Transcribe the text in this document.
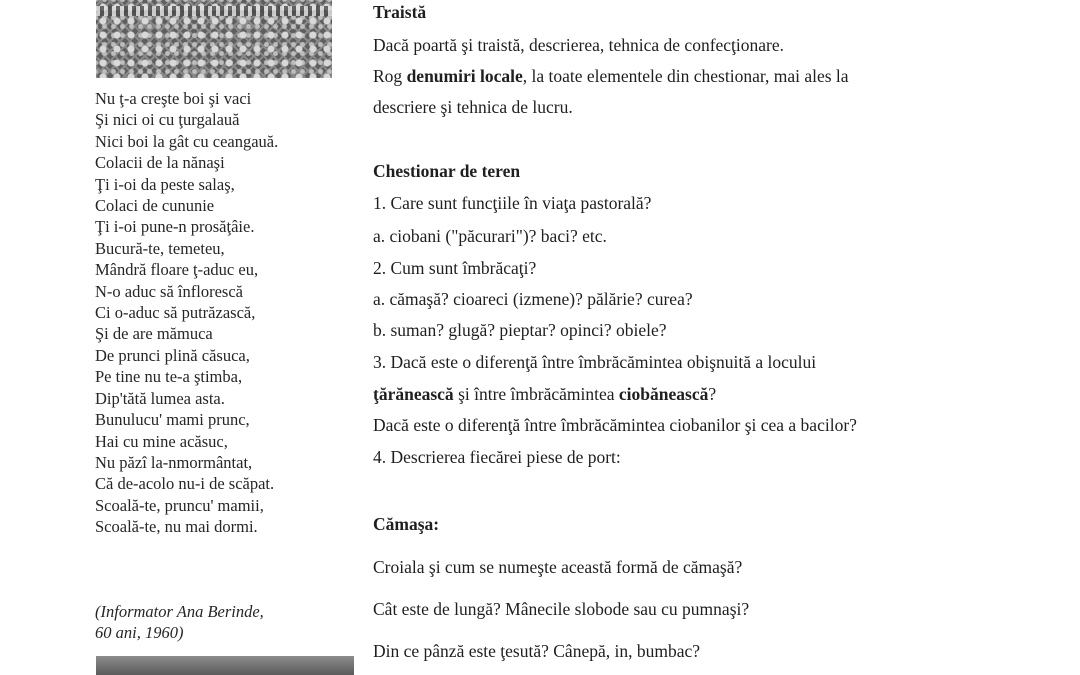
Nu ţ-a creşte boi şi vaci
Şi nici oi cu ţurgalauă
Nici boi la gât cu ceangauă.
Colacii de la nănaşi
Ţi i-oi da peste salaş,
Colaci de cununie
Ţi i-oi pune-n prosăţâie.
Bucură-te, temeteu,
Mândră floare ţ-aduc eu,
N-o aduc să înflorescă
Ci o-aduc să putrăzască,
Şi de are mămuca
De prunci plină căsuca,
Pe tine nu te-a ştimba,
Dip'tătă lumea asta.
Bunulucu' mami prunc,
Hai cu mine acăsuc,
Nu păzî la-nmormântat,
Că de-acolo nu-i de scăpat.
Scoală-te, pruncu' mamii,
Scoală-te, nu mai dormi.
(Informator Ana Berinde,
60 ani, 1960)
Traistă
Dacă poartă şi traistă, descrierea, tehnica de confecţionare.
Rog denumiri locale, la toate elementele din chestionar, mai ales la
descriere şi tehnica de lucru.
Chestionar de teren
1. Care sunt funcţiile în viaţa pastorală?
a. ciobani ("păcurari")? baci? etc.
2. Cum sunt îmbrăcaţi?
a. cămaşă? cioareci (izmene)? pălărie? curea?
b. suman? glugă? pieptar? opinci? obiele?
3. Dacă este o diferenţă între îmbrăcămintea obişnuită a locului
ţărănească şi între îmbrăcămintea ciobănească?
Dacă este o diferenţă între îmbrăcămintea ciobanilor şi cea a bacilor?
4. Descrierea fiecărei piese de port:
Cămaşa:
Croiala şi cum se numeşte această formă de cămaşă?
Cât este de lungă? Mânecile slobode sau cu pumnaşi?
Din ce pânză este ţesută? Cânepă, in, bumbac?
